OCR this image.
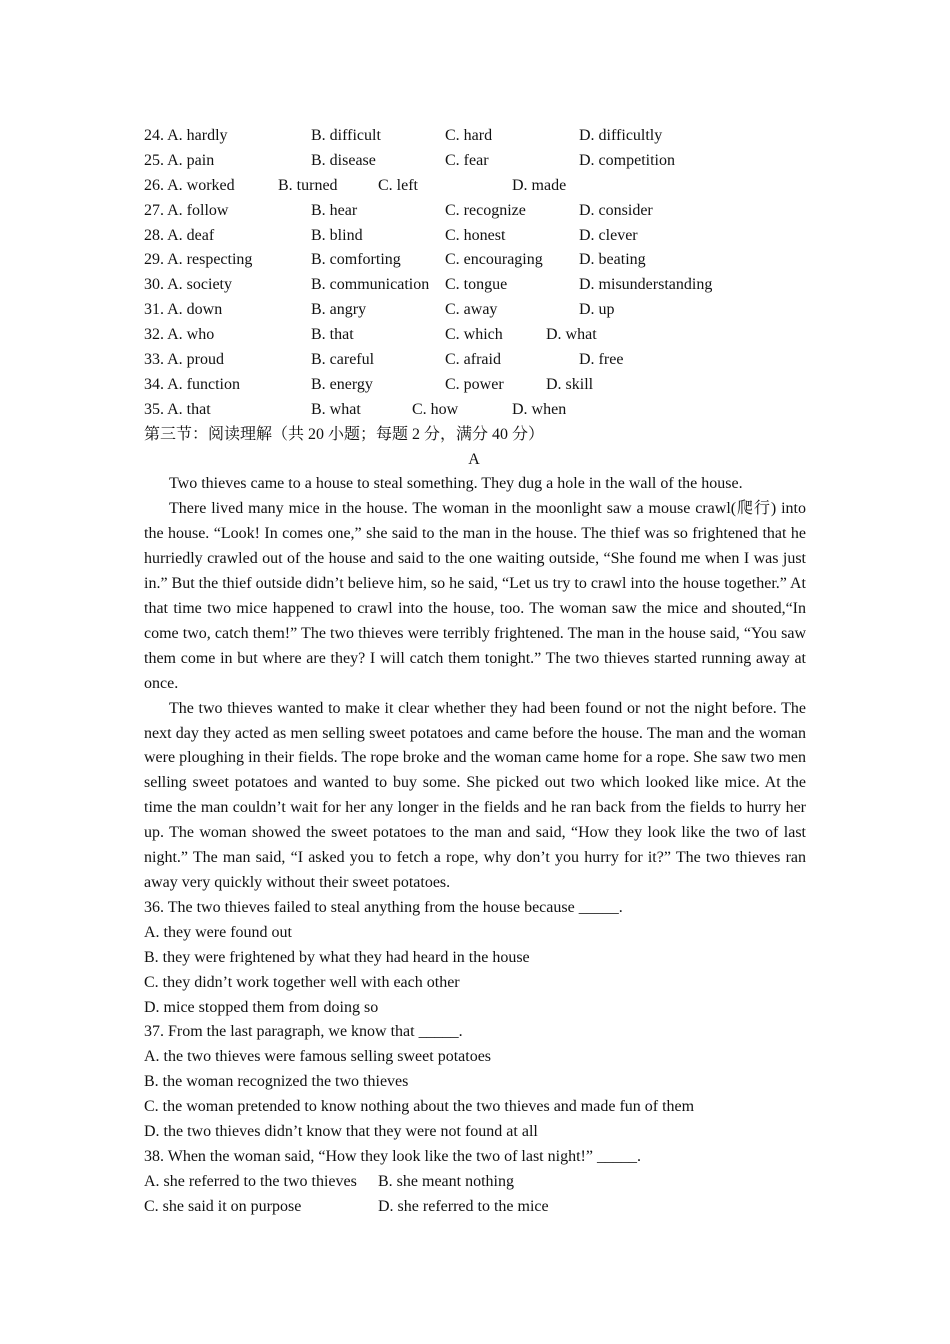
24. A. hardly	B. difficult	C. hard	D. difficultly
25. A. pain	B. disease	C. fear	D. competition
26. A. worked	B. turned	C. left	D. made
27. A. follow	B. hear	C. recognize	D. consider
28. A. deaf	B. blind	C. honest	D. clever
29. A. respecting	B. comforting	C. encouraging D. beating
30. A. society	B. communication C. tongue	D. misunderstanding
31. A. down	B. angry	C. away	D. up
32. A. who	B. that	C. which	D. what
33. A. proud	B. careful	C. afraid	D. free
34. A. function	B. energy	C. power	D. skill
35. A. that	B. what	C. how	D. when
第三节：阅读理解（共 20 小题；每题 2 分，满分 40 分）
A

Two thieves came to a house to steal something. They dug a hole in the wall of the house.

There lived many mice in the house. The woman in the moonlight saw a mouse crawl(爬行) into the house. “Look! In comes one,” she said to the man in the house. The thief was so frightened that he hurriedly crawled out of the house and said to the one waiting outside, “She found me when I was just in.” But the thief outside didn’t believe him, so he said, “Let us try to crawl into the house together.” At that time two mice happened to crawl into the house, too. The woman saw the mice and shouted,“In come two, catch them!” The two thieves were terribly frightened. The man in the house said, “You saw them come in but where are they? I will catch them tonight.” The two thieves started running away at once.

The two thieves wanted to make it clear whether they had been found or not the night before. The next day they acted as men selling sweet potatoes and came before the house. The man and the woman were ploughing in their fields. The rope broke and the woman came home for a rope. She saw two men selling sweet potatoes and wanted to buy some. She picked out two which looked like mice. At the time the man couldn’t wait for her any longer in the fields and he ran back from the fields to hurry her up. The woman showed the sweet potatoes to the man and said, “How they look like the two of last night.” The man said, “I asked you to fetch a rope, why don’t you hurry for it?” The two thieves ran away very quickly without their sweet potatoes.

36. The two thieves failed to steal anything from the house because _____.

A. they were found out

B. they were frightened by what they had heard in the house

C. they didn’t work together well with each other

D. mice stopped them from doing so

37. From the last paragraph, we know that _____.

A. the two thieves were famous selling sweet potatoes

B. the woman recognized the two thieves

C. the woman pretended to know nothing about the two thieves and made fun of them

D. the two thieves didn’t know that they were not found at all

38. When the woman said, “How they look like the two of last night!” _____.

A. she referred to the two thieves B. she meant nothing
C. she said it on purpose	D. she referred to the mice
